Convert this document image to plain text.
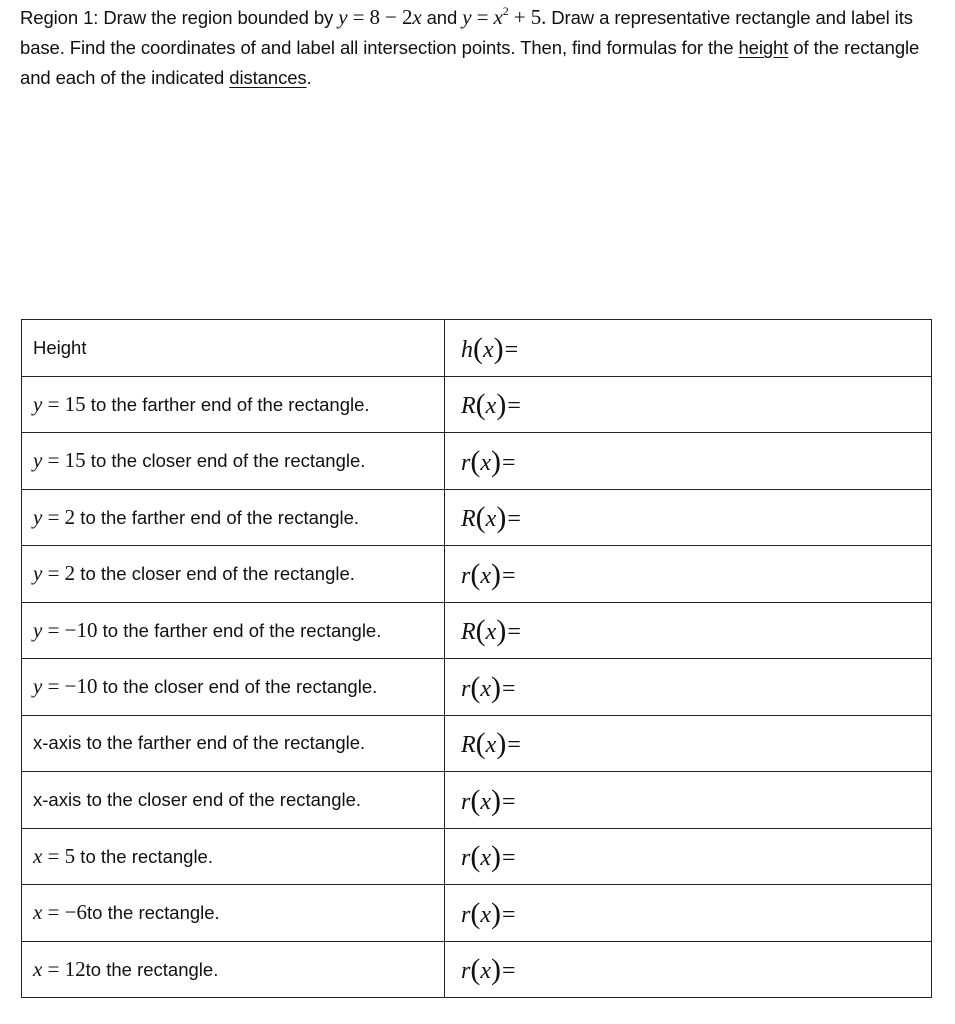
Region 1: Draw the region bounded by y = 8 − 2x and $y = x^2 + 5$. Draw a representative rectangle and label its base. Find the coordinates of and label all intersection points. Then, find formulas for the height of the rectangle and each of the indicated distances.
Height	h(x)=
y = 15 to the farther end of the rectangle.	R(x)=
y = 15 to the closer end of the rectangle.	r(x)=
y = 2 to the farther end of the rectangle.	R(x)=
y = 2 to the closer end of the rectangle.	r(x)=
y = −10 to the farther end of the rectangle.	R(x)=
y = −10 to the closer end of the rectangle.	r(x)=
x-axis to the farther end of the rectangle.	R(x)=
x-axis to the closer end of the rectangle.	r(x)=
x = 5 to the rectangle.	r(x)=
x = −6to the rectangle.	r(x)=
x = 12to the rectangle.	r(x)=
